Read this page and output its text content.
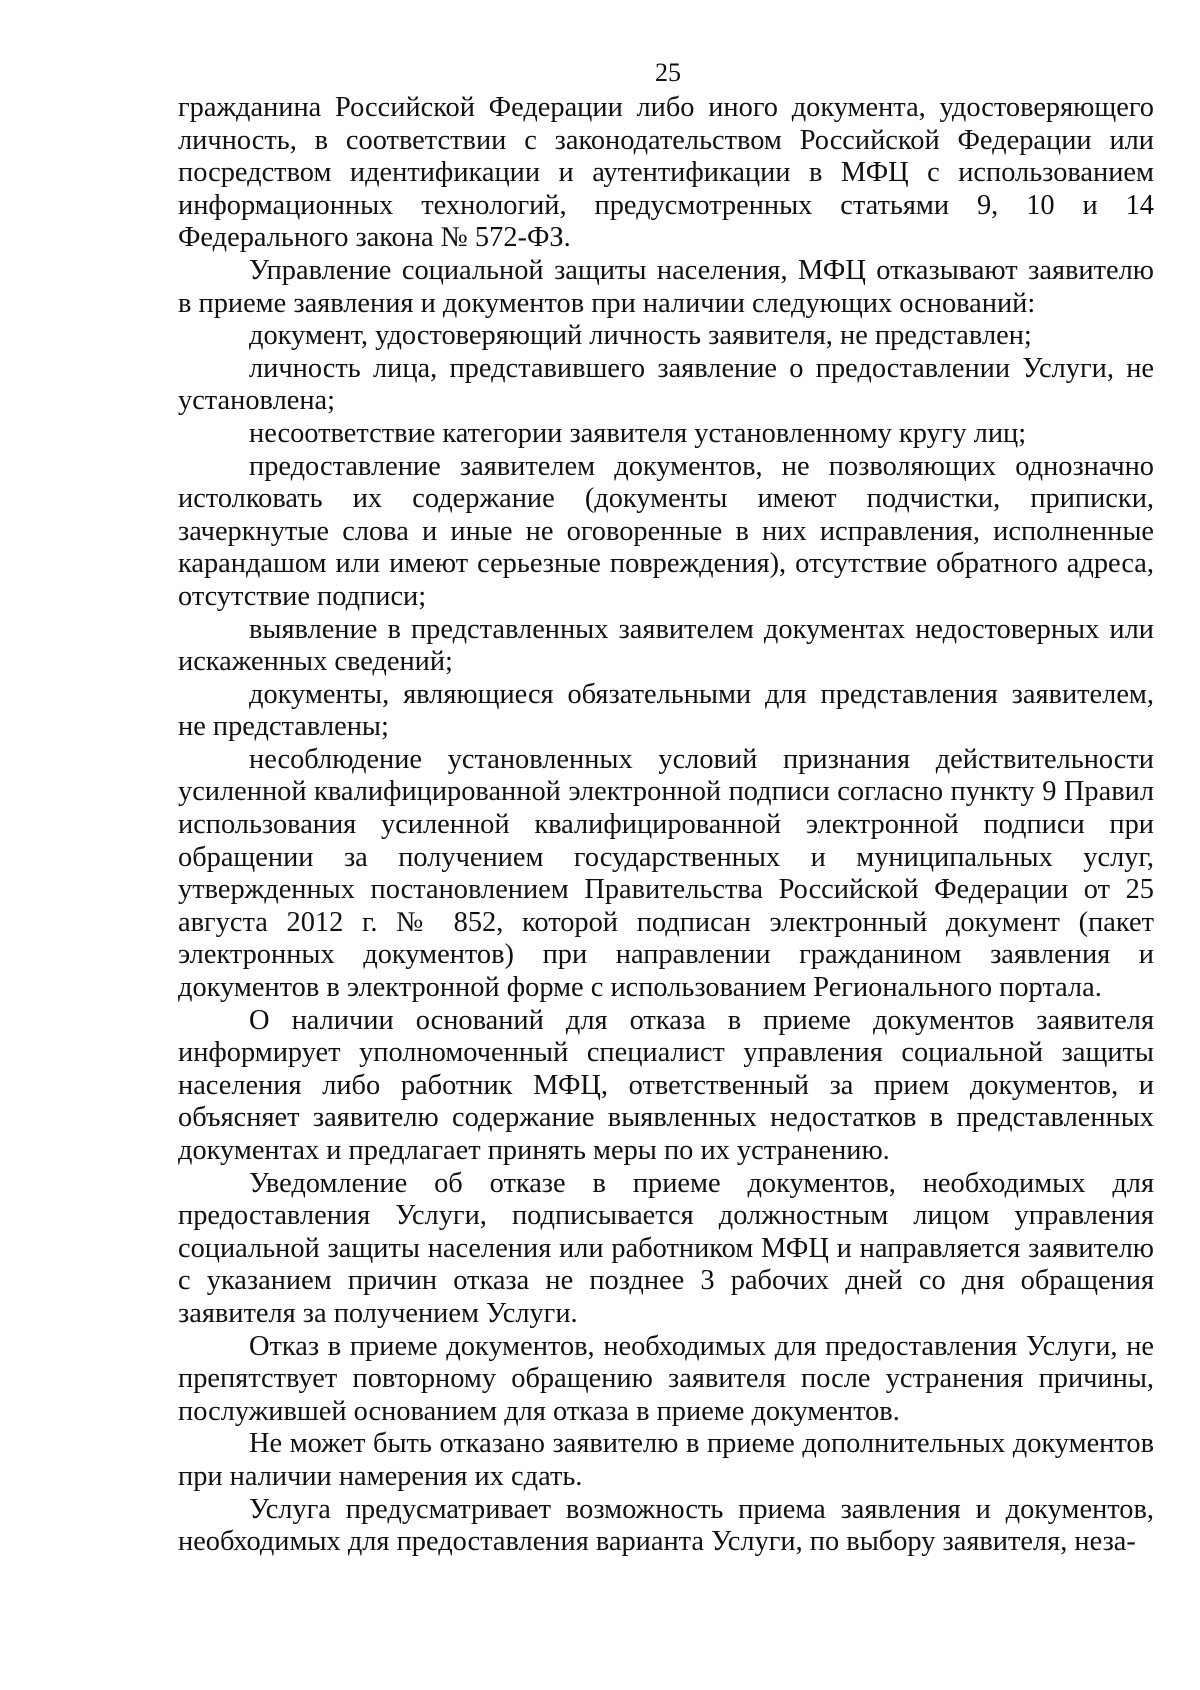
25

гражданина Российской Федерации либо иного документа, удостоверяющего личность, в соответствии с законодательством Российской Федерации или посредством идентификации и аутентификации в МФЦ с использованием информационных технологий, предусмотренных статьями 9, 10 и 14 Федерального закона № 572-ФЗ.

Управление социальной защиты населения, МФЦ отказывают заявителю в приеме заявления и документов при наличии следующих оснований:

документ, удостоверяющий личность заявителя, не представлен;

личность лица, представившего заявление о предоставлении Услуги, не установлена;

несоответствие категории заявителя установленному кругу лиц;

предоставление заявителем документов, не позволяющих однозначно истолковать их содержание (документы имеют подчистки, приписки, зачеркнутые слова и иные не оговоренные в них исправления, исполненные карандашом или имеют серьезные повреждения), отсутствие обратного адреса, отсутствие подписи;

выявление в представленных заявителем документах недостоверных или искаженных сведений;

документы, являющиеся обязательными для представления заявителем, не представлены;

несоблюдение установленных условий признания действительности усиленной квалифицированной электронной подписи согласно пункту 9 Правил использования усиленной квалифицированной электронной подписи при обращении за получением государственных и муниципальных услуг, утвержденных постановлением Правительства Российской Федерации от 25 августа 2012 г. № 852, которой подписан электронный документ (пакет электронных документов) при направлении гражданином заявления и документов в электронной форме с использованием Регионального портала.

О наличии оснований для отказа в приеме документов заявителя информирует уполномоченный специалист управления социальной защиты населения либо работник МФЦ, ответственный за прием документов, и объясняет заявителю содержание выявленных недостатков в представленных документах и предлагает принять меры по их устранению.

Уведомление об отказе в приеме документов, необходимых для предоставления Услуги, подписывается должностным лицом управления социальной защиты населения или работником МФЦ и направляется заявителю с указанием причин отказа не позднее 3 рабочих дней со дня обращения заявителя за получением Услуги.

Отказ в приеме документов, необходимых для предоставления Услуги, не препятствует повторному обращению заявителя после устранения причины, послужившей основанием для отказа в приеме документов.

Не может быть отказано заявителю в приеме дополнительных документов при наличии намерения их сдать.

Услуга предусматривает возможность приема заявления и документов, необходимых для предоставления варианта Услуги, по выбору заявителя, неза-
